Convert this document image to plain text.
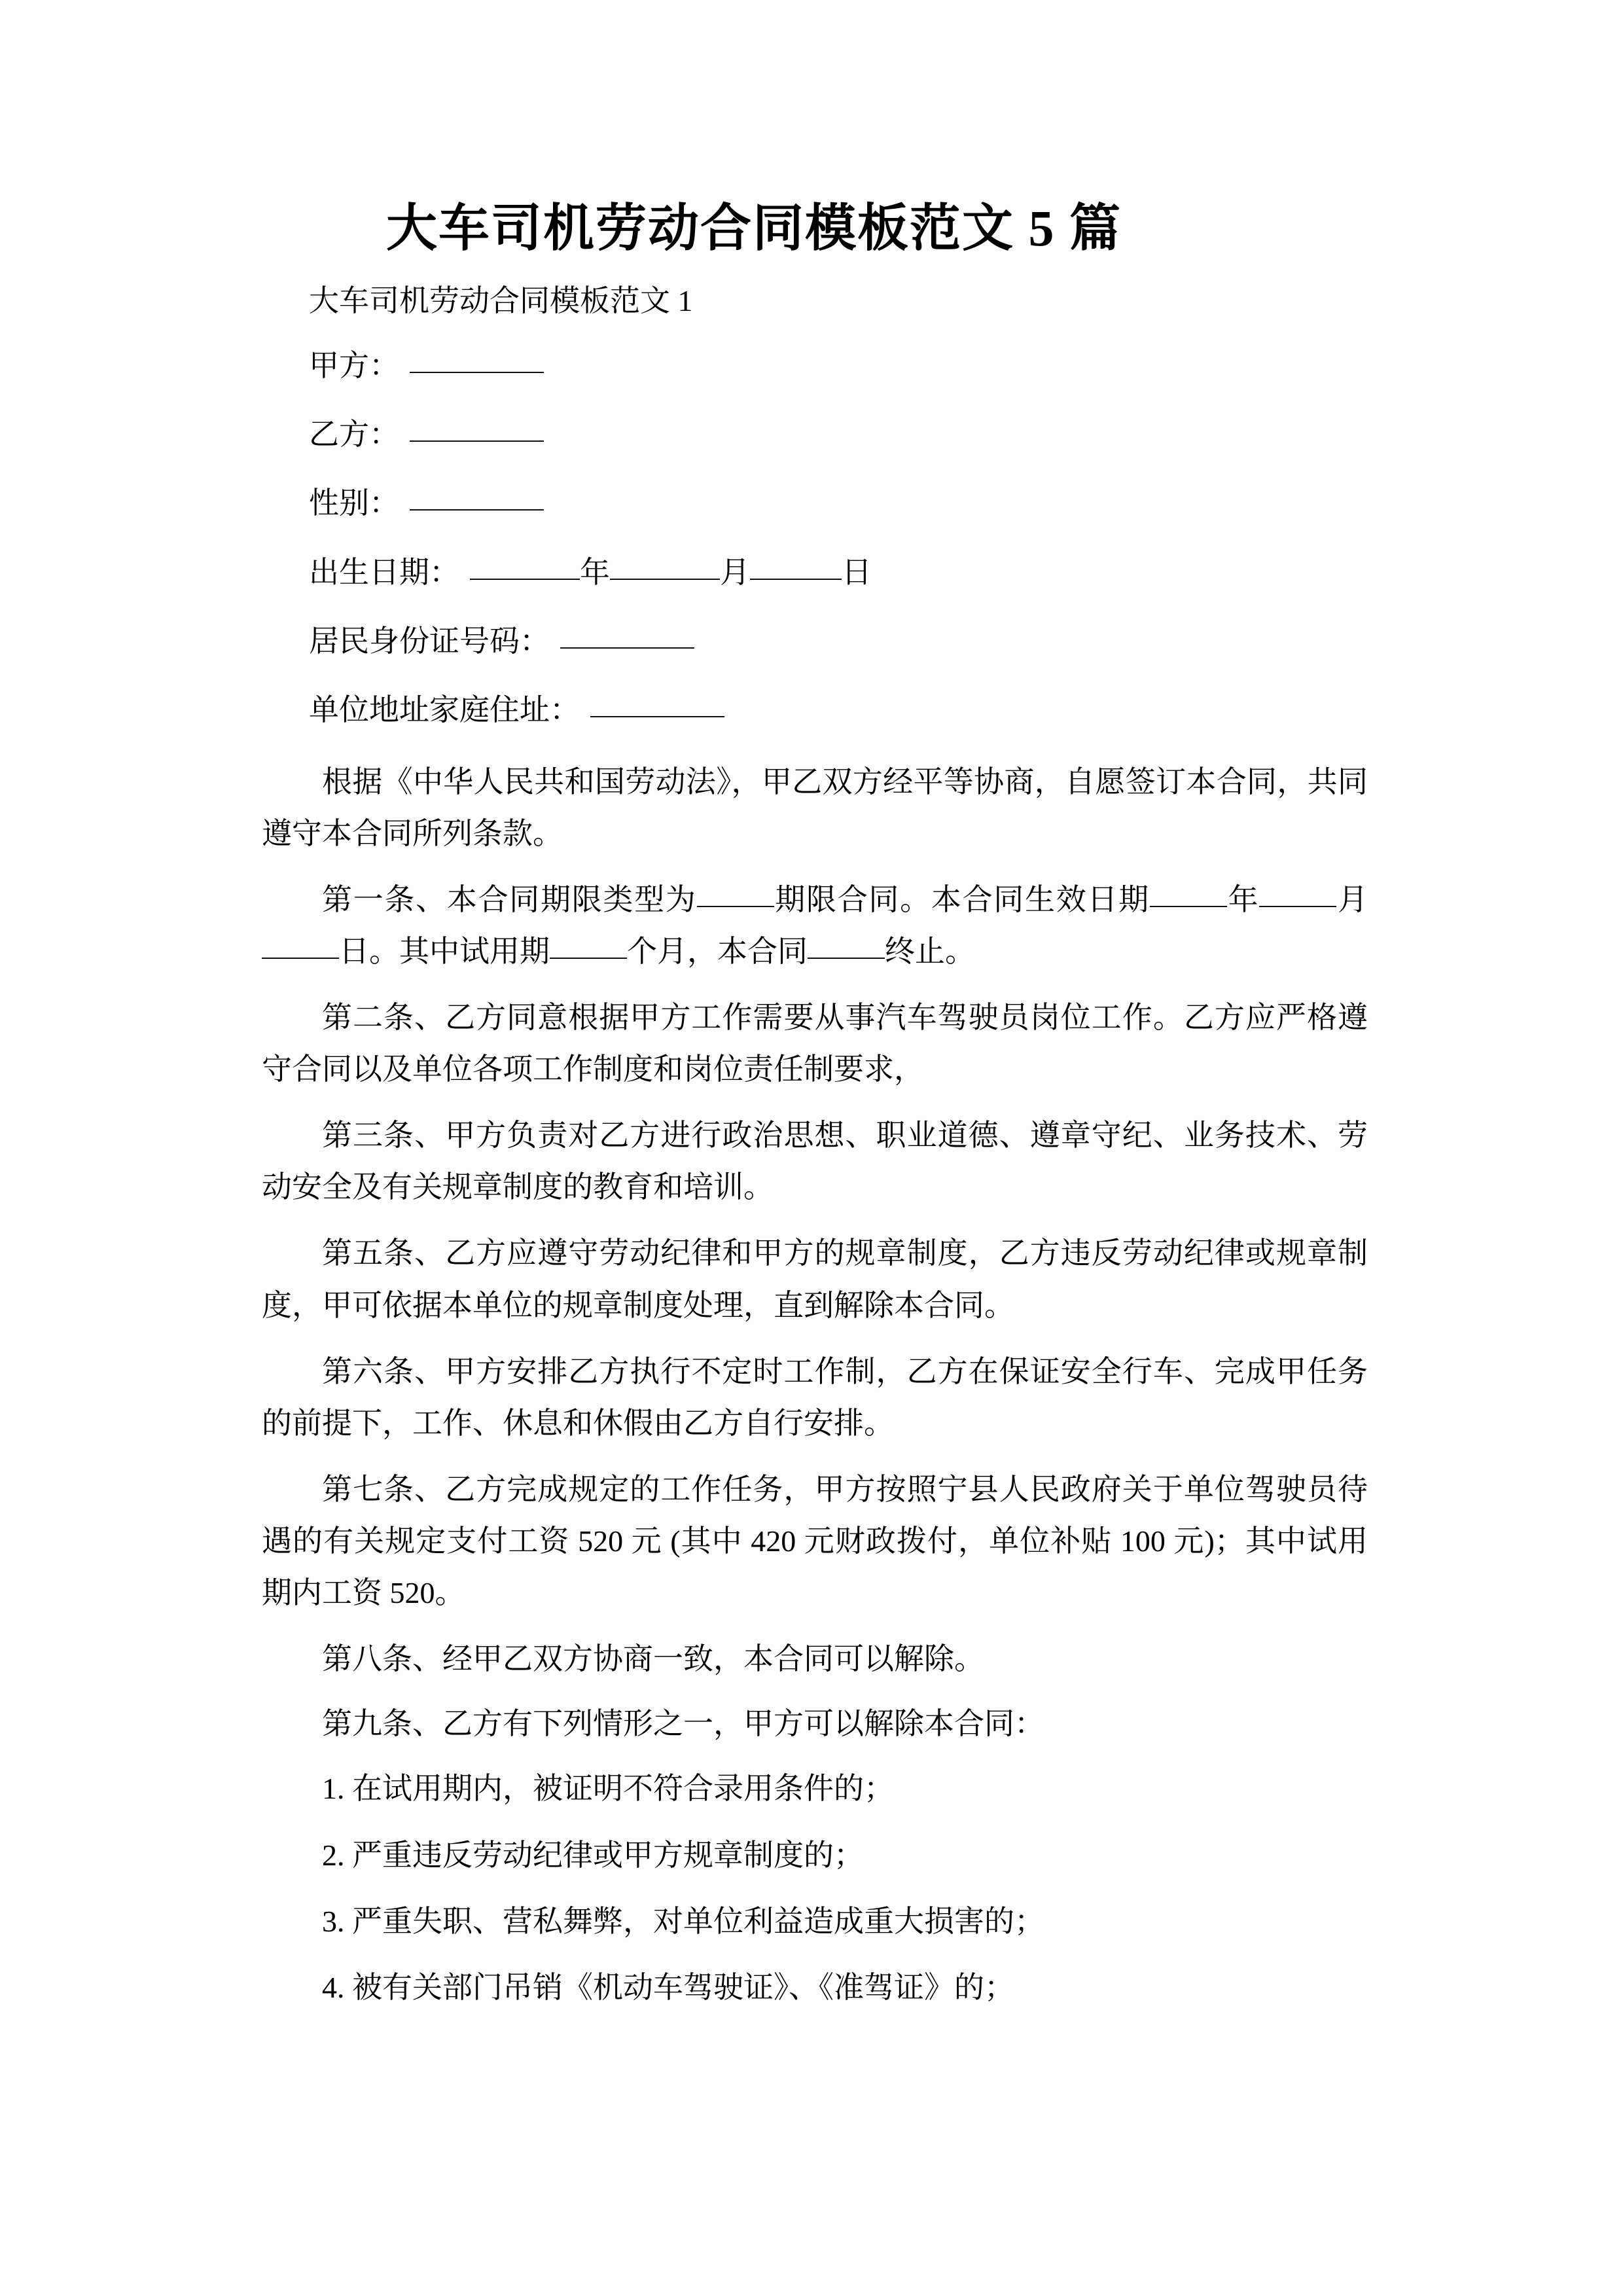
大车司机劳动合同模板范文 5 篇
大车司机劳动合同模板范文 1
甲方：
乙方：
性别：
出生日期：	年	月	日
居民身份证号码：
单位地址家庭住址：

根据《中华人民共和国劳动法》，甲乙双方经平等协商，自愿签订本合同，共同遵守本合同所列条款。

第一条、本合同期限类型为	期限合同。本合同生效日期	年	月日。其中试用期	个月，本合同	终止。

第二条、乙方同意根据甲方工作需要从事汽车驾驶员岗位工作。乙方应严格遵守合同以及单位各项工作制度和岗位责任制要求，

第三条、甲方负责对乙方进行政治思想、职业道德、遵章守纪、业务技术、劳动安全及有关规章制度的教育和培训。

第五条、乙方应遵守劳动纪律和甲方的规章制度，乙方违反劳动纪律或规章制度，甲可依据本单位的规章制度处理，直到解除本合同。

第六条、甲方安排乙方执行不定时工作制，乙方在保证安全行车、完成甲任务的前提下，工作、休息和休假由乙方自行安排。

第七条、乙方完成规定的工作任务，甲方按照宁县人民政府关于单位驾驶员待遇的有关规定支付工资 520 元 (其中 420 元财政拨付，单位补贴 100 元)；其中试用期内工资 520。

第八条、经甲乙双方协商一致，本合同可以解除。

第九条、乙方有下列情形之一，甲方可以解除本合同：

1. 在试用期内，被证明不符合录用条件的；
2. 严重违反劳动纪律或甲方规章制度的；
3. 严重失职、营私舞弊，对单位利益造成重大损害的；
4. 被有关部门吊销《机动车驾驶证》、《准驾证》的；
